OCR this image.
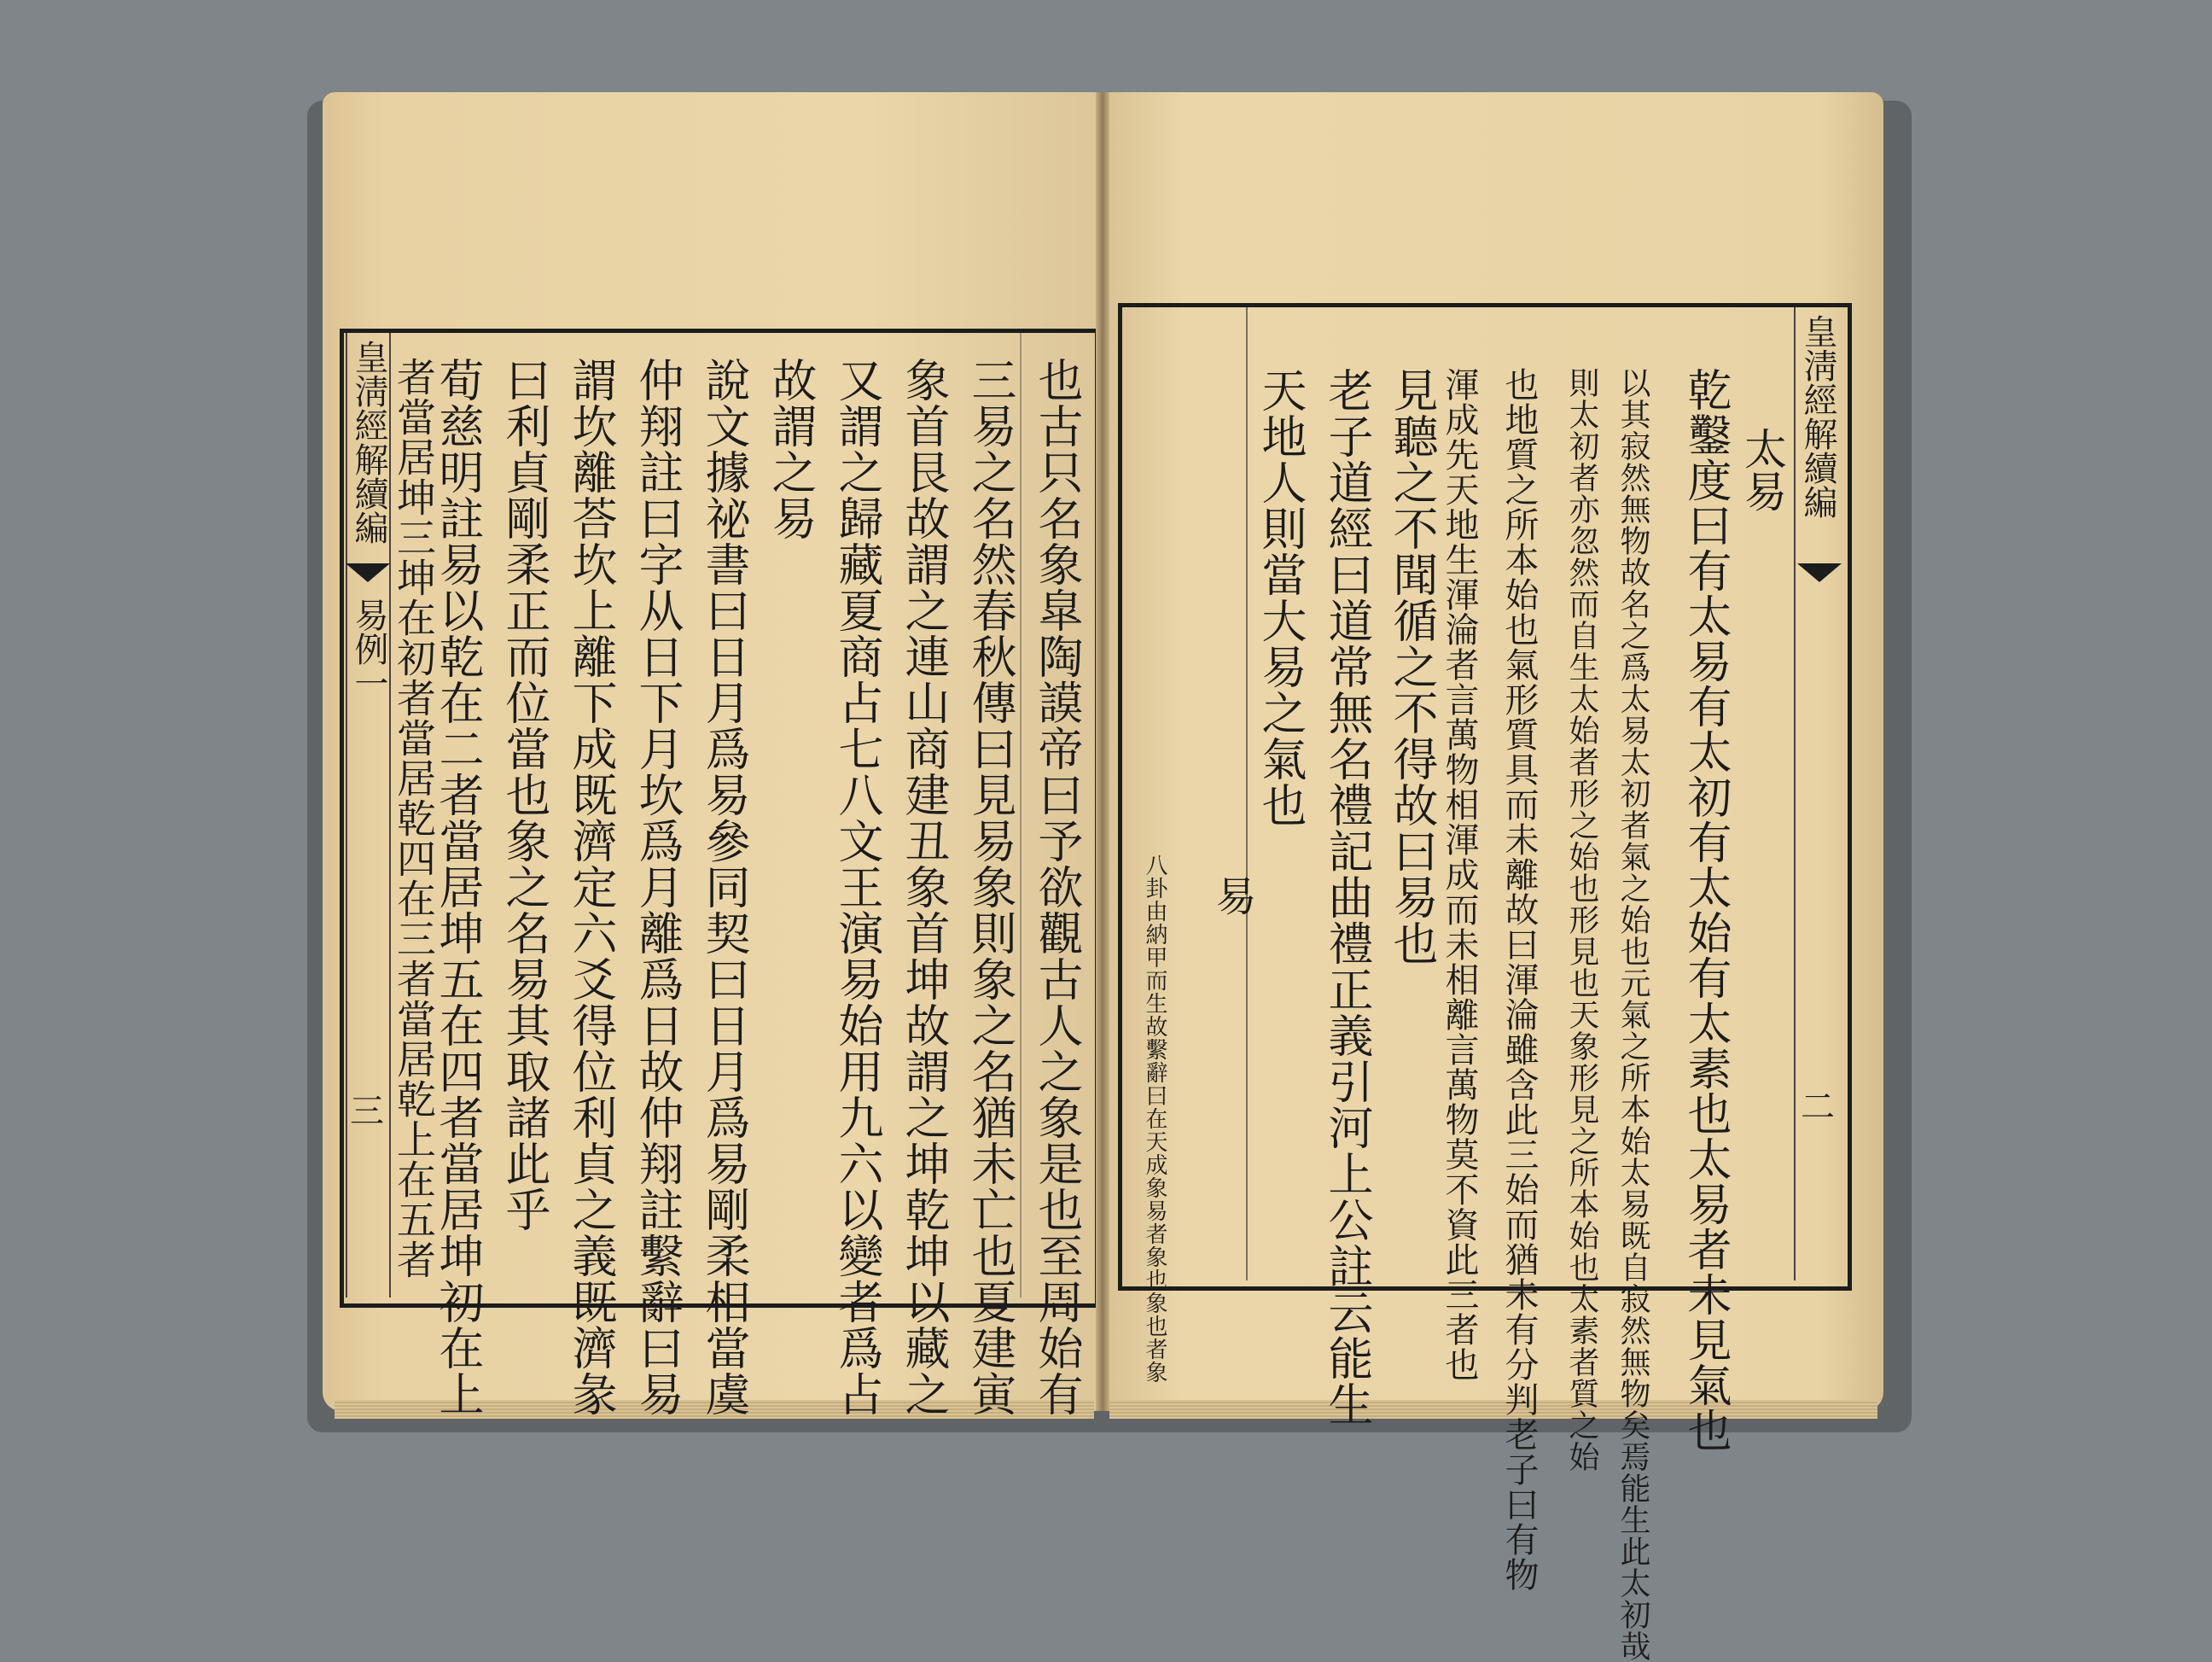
皇淸經解續編
易例一
三	也古只名象皐陶謨帝曰予欲觀古人之象是也至周始有
三易之名然春秋傳曰見易象則象之名猶未亡也夏建寅
象首艮故謂之連山商建丑象首坤故謂之坤乾坤以藏之
又謂之歸藏夏商占七八文王演易始用九六以變者爲占
故謂之易
說文據祕書曰日月爲易參同契曰日月爲易剛柔相當虞
仲翔註曰字从日下月坎爲月離爲日故仲翔註繫辭曰易
謂坎離荅坎上離下成既濟定六爻得位利貞之義既濟彖
曰利貞剛柔正而位當也象之名易其取諸此乎
荀慈明註易以乾在二者當居坤五在四者當居坤初在上
者當居坤三坤在初者當居乾四在三者當居乾上在五者	皇淸經解續編
二
太易
乾鑿度曰有太易有太初有太始有太素也太易者未見氣也
以其寂然無物故名之爲太易太初者氣之始也元氣之所本始太易既自寂然無物矣焉能生此太初哉
則太初者亦忽然而自生太始者形之始也形見也天象形見之所本始也太素者質之始
也地質之所本始也氣形質具而未離故曰渾淪雖含此三始而猶未有分判老子曰有物
渾成先天地生渾淪者言萬物相渾成而未相離言萬物莫不資此三者也
見聽之不聞循之不得故曰易也
老子道經曰道常無名禮記曲禮正義引河上公註云能生
天地人則當大易之氣也
易
八卦由納甲而生故繫辭曰在天成象易者象也象也者象
